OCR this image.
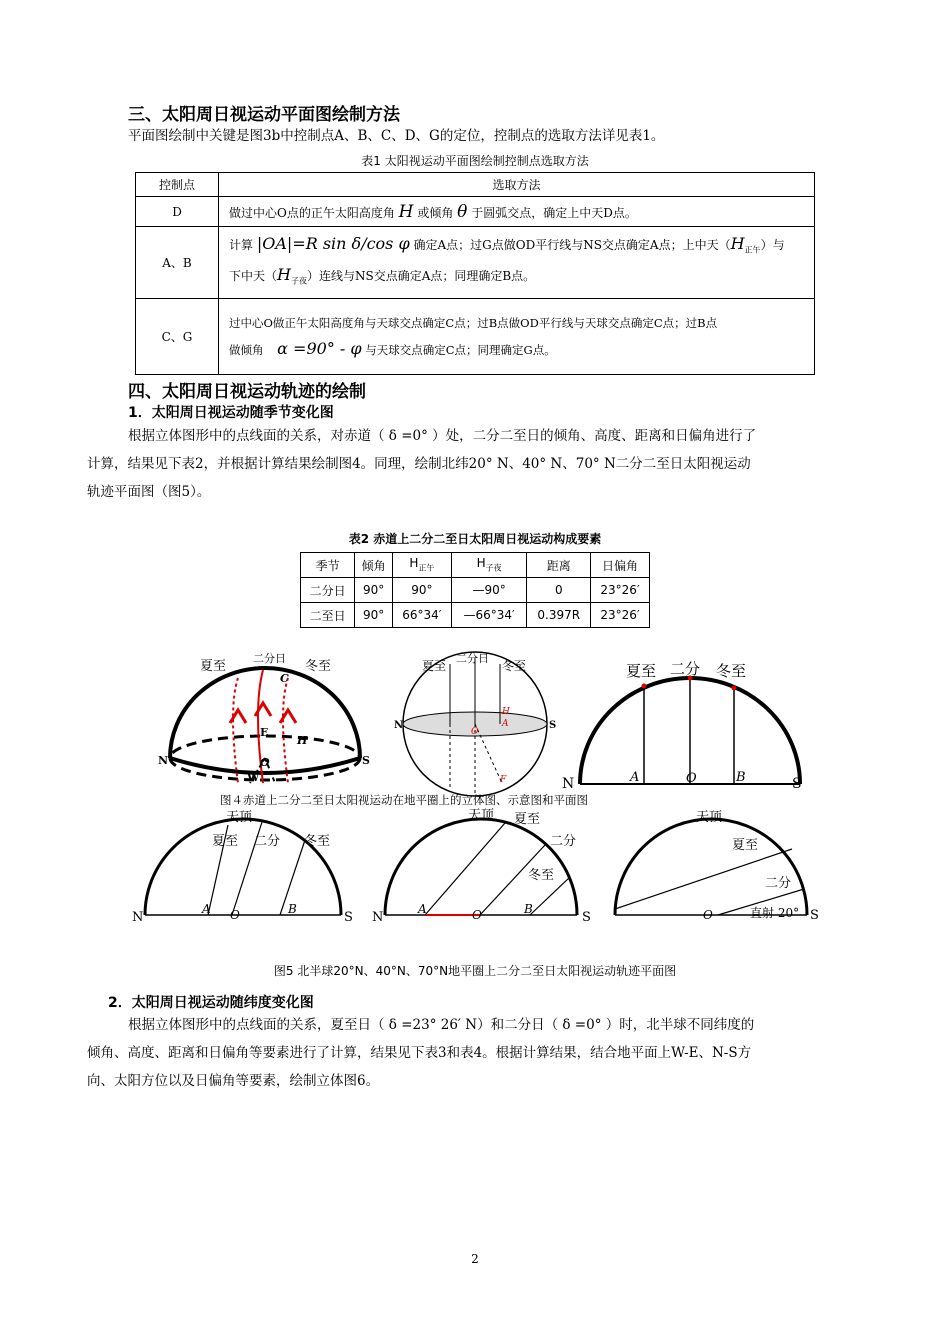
三、太阳周日视运动平面图绘制方法
平面图绘制中关键是图3b中控制点A、B、C、D、G的定位，控制点的选取方法详见表1。
表1 太阳视运动平面图绘制控制点选取方法
控制点	选取方法
D	做过中心O点的正午太阳高度角 H 或倾角 θ 于圆弧交点，确定上中天D点。
A、B	计算 |OA|=R sin δ/cos φ 确定A点；过G点做OD平行线与NS交点确定A点；上中天$(H_{正午})$与
下中天$(H_{子夜})$连线与NS交点确定A点；同理确定B点。

C、G	过中心O做正午太阳高度角与天球交点确定C点；过B点做OD平行线与天球交点确定C点；过B点
做倾角 α =90° - φ 与天球交点确定C点；同理确定G点。
四、太阳周日视运动轨迹的绘制
1．太阳周日视运动随季节变化图
根据立体图形中的点线面的关系，对赤道（ δ =0° ）处，二分二至日的倾角、高度、距离和日偏角进行了
计算，结果见下表2，并根据计算结果绘制图4。同理，绘制北纬20° N、40° N、70° N二分二至日太阳视运动
轨迹平面图（图5）。
表2 赤道上二分二至日太阳周日视运动构成要素
季节	倾角	$H_{正午}$	$H_{子夜}$	距离	日偏角
二分日	90°	90°	—90°	0	23°26′
二至日	90°	66°34′	—66°34′	0.397R	23°26′
夏至
二分日
冬至
C
E
H
N	S
O
W
夏至
二分日
冬至
N	S
O
H
A
F
夏至 二分 冬至
N	A	O	B	S
图４赤道上二分二至日太阳视运动在地平圈上的立体图、示意图和平面图
天顶
夏至 二分 冬至
N
A O	B
S
天顶 夏至
二分
冬至
N
A	O	B
S
天顶
夏至
二分
直射 20°
O	S
图5 北半球20°N、40°N、70°N地平圈上二分二至日太阳视运动轨迹平面图
2．太阳周日视运动随纬度变化图
根据立体图形中的点线面的关系，夏至日（ δ =23° 26′ N）和二分日（ δ =0° ）时，北半球不同纬度的
倾角、高度、距离和日偏角等要素进行了计算，结果见下表3和表4。根据计算结果，结合地平面上W-E、N-S方
向、太阳方位以及日偏角等要素，绘制立体图6。
2
